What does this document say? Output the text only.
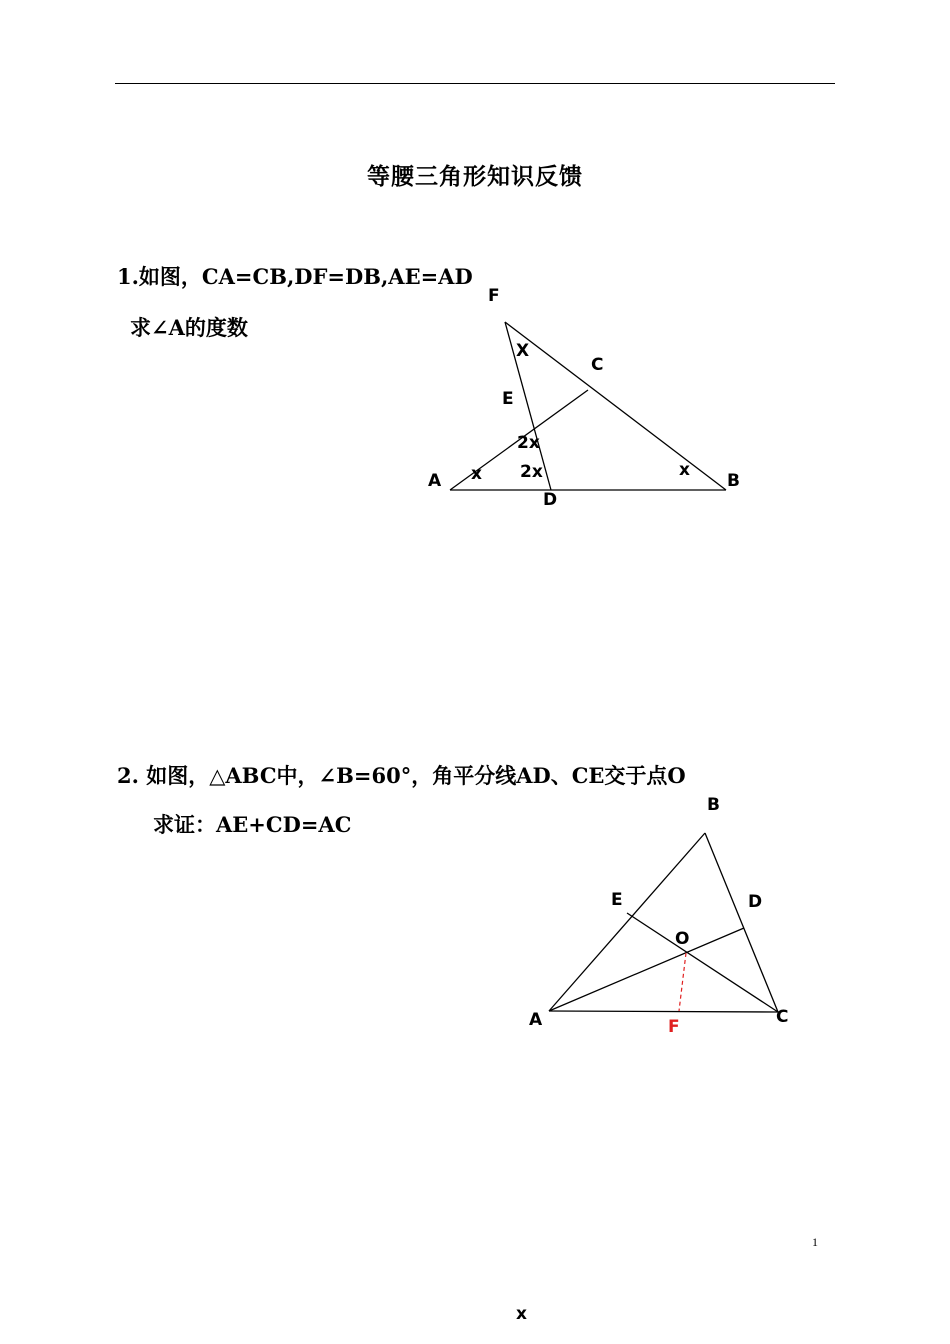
等腰三角形知识反馈
1.如图，CA=CB,DF=DB,AE=AD
求∠A的度数
2. 如图，△ABC中，∠B=60°，角平分线AD、CE交于点O
求证：AE+CD=AC
F
C
E
A
D
B
X
x	x
2x
2x
B
E	D
O
A	F	C
1
x
